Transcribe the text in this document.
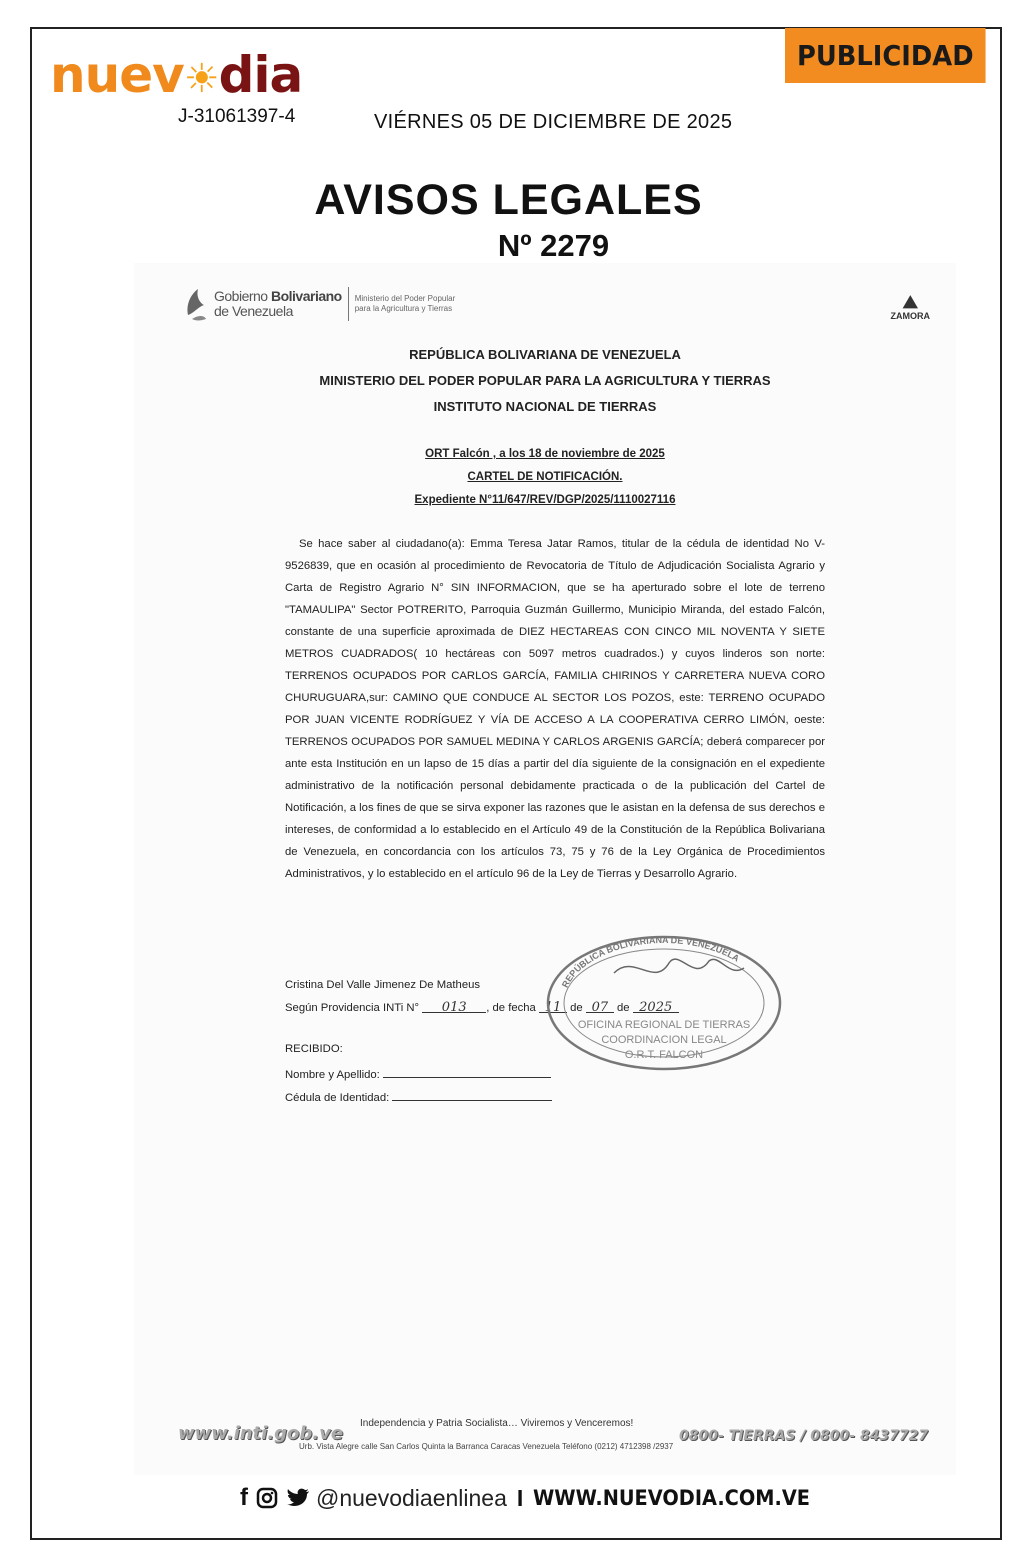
nuev☀dia
J-31061397-4
PUBLICIDAD
VIÉRNES 05 DE DICIEMBRE DE 2025
AVISOS LEGALES
Nº 2279
Gobierno Bolivariano
de Venezuela
Ministerio del Poder Popular
para la Agricultura y Tierras	⛰
ZAMORA
REPÚBLICA BOLIVARIANA DE VENEZUELA
MINISTERIO DEL PODER POPULAR PARA LA AGRICULTURA Y TIERRAS
INSTITUTO NACIONAL DE TIERRAS
ORT Falcón , a los 18 de noviembre de 2025
CARTEL DE NOTIFICACIÓN.
Expediente N°11/647/REV/DGP/2025/1110027116

Se hace saber al ciudadano(a): Emma Teresa Jatar Ramos, titular de la cédula de identidad No V- 9526839, que en ocasión al procedimiento de Revocatoria de Título de Adjudicación Socialista Agrario y Carta de Registro Agrario N° SIN INFORMACION, que se ha aperturado sobre el lote de terreno "TAMAULIPA" Sector POTRERITO, Parroquia Guzmán Guillermo, Municipio Miranda, del estado Falcón, constante de una superficie aproximada de DIEZ HECTAREAS CON CINCO MIL NOVENTA Y SIETE METROS CUADRADOS( 10 hectáreas con 5097 metros cuadrados.) y cuyos linderos son norte: TERRENOS OCUPADOS POR CARLOS GARCÍA, FAMILIA CHIRINOS Y CARRETERA NUEVA CORO CHURUGUARA,sur: CAMINO QUE CONDUCE AL SECTOR LOS POZOS, este: TERRENO OCUPADO POR JUAN VICENTE RODRÍGUEZ Y VÍA DE ACCESO A LA COOPERATIVA CERRO LIMÓN, oeste: TERRENOS OCUPADOS POR SAMUEL MEDINA Y CARLOS ARGENIS GARCÍA; deberá comparecer por ante esta Institución en un lapso de 15 días a partir del día siguiente de la consignación en el expediente administrativo de la notificación personal debidamente practicada o de la publicación del Cartel de Notificación, a los fines de que se sirva exponer las razones que le asistan en la defensa de sus derechos e intereses, de conformidad a lo establecido en el Artículo 49 de la Constitución de la República Bolivariana de Venezuela, en concordancia con los artículos 73, 75 y 76 de la Ley Orgánica de Procedimientos Administrativos, y lo establecido en el artículo 96 de la Ley de Tierras y Desarrollo Agrario.

Cristina Del Valle Jimenez De Matheus
Según Providencia INTi N° 013 , de fecha 11 de 07 de 2025
RECIBIDO:
Nombre y Apellido:
Cédula de Identidad:
REPÚBLICA BOLIVARIANA DE VENEZUELA
OFICINA REGIONAL DE TIERRAS
COORDINACION LEGAL
O.R.T. FALCON
www.inti.gob.ve Independencia y Patria Socialista… Viviremos y Venceremos!
Urb. Vista Alegre calle San Carlos Quinta la Barranca Caracas Venezuela Teléfono (0212) 4712398 /2937
0800- TIERRAS / 0800- 8437727
f	@nuevodiaenlinea I WWW.NUEVODIA.COM.VE
